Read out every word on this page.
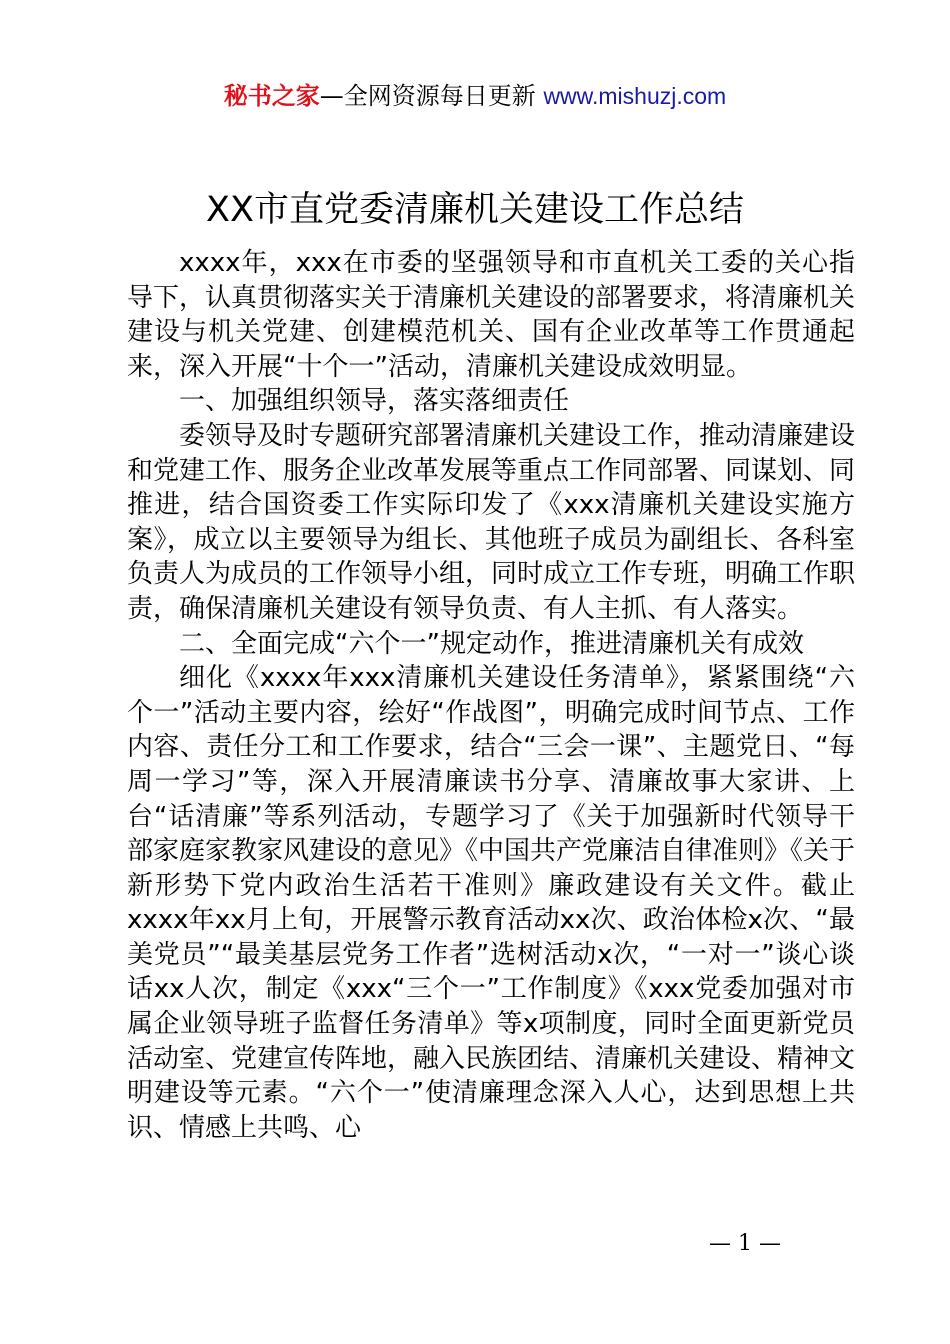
秘书之家—全网资源每日更新 www.mishuzj.com
XX市直党委清廉机关建设工作总结

xxxx年，xxx在市委的坚强领导和市直机关工委的关心指导下，认真贯彻落实关于清廉机关建设的部署要求，将清廉机关建设与机关党建、创建模范机关、国有企业改革等工作贯通起来，深入开展“十个一”活动，清廉机关建设成效明显。

一、加强组织领导，落实落细责任

委领导及时专题研究部署清廉机关建设工作，推动清廉建设和党建工作、服务企业改革发展等重点工作同部署、同谋划、同推进，结合国资委工作实际印发了《xxx清廉机关建设实施方案》，成立以主要领导为组长、其他班子成员为副组长、各科室负责人为成员的工作领导小组，同时成立工作专班，明确工作职责，确保清廉机关建设有领导负责、有人主抓、有人落实。

二、全面完成“六个一”规定动作，推进清廉机关有成效

细化《xxxx年xxx清廉机关建设任务清单》，紧紧围绕“六个一”活动主要内容，绘好“作战图”，明确完成时间节点、工作内容、责任分工和工作要求，结合“三会一课”、主题党日、“每周一学习”等，深入开展清廉读书分享、清廉故事大家讲、上台“话清廉”等系列活动，专题学习了《关于加强新时代领导干部家庭家教家风建设的意见》《中国共产党廉洁自律准则》《关于新形势下党内政治生活若干准则》廉政建设有关文件。截止xxxx年xx月上旬，开展警示教育活动xx次、政治体检x次、“最美党员”“最美基层党务工作者”选树活动x次，“一对一”谈心谈话xx人次，制定《xxx“三个一”工作制度》《xxx党委加强对市属企业领导班子监督任务清单》等x项制度，同时全面更新党员活动室、党建宣传阵地，融入民族团结、清廉机关建设、精神文明建设等元素。“六个一”使清廉理念深入人心，达到思想上共识、情感上共鸣、心

— 1 —
